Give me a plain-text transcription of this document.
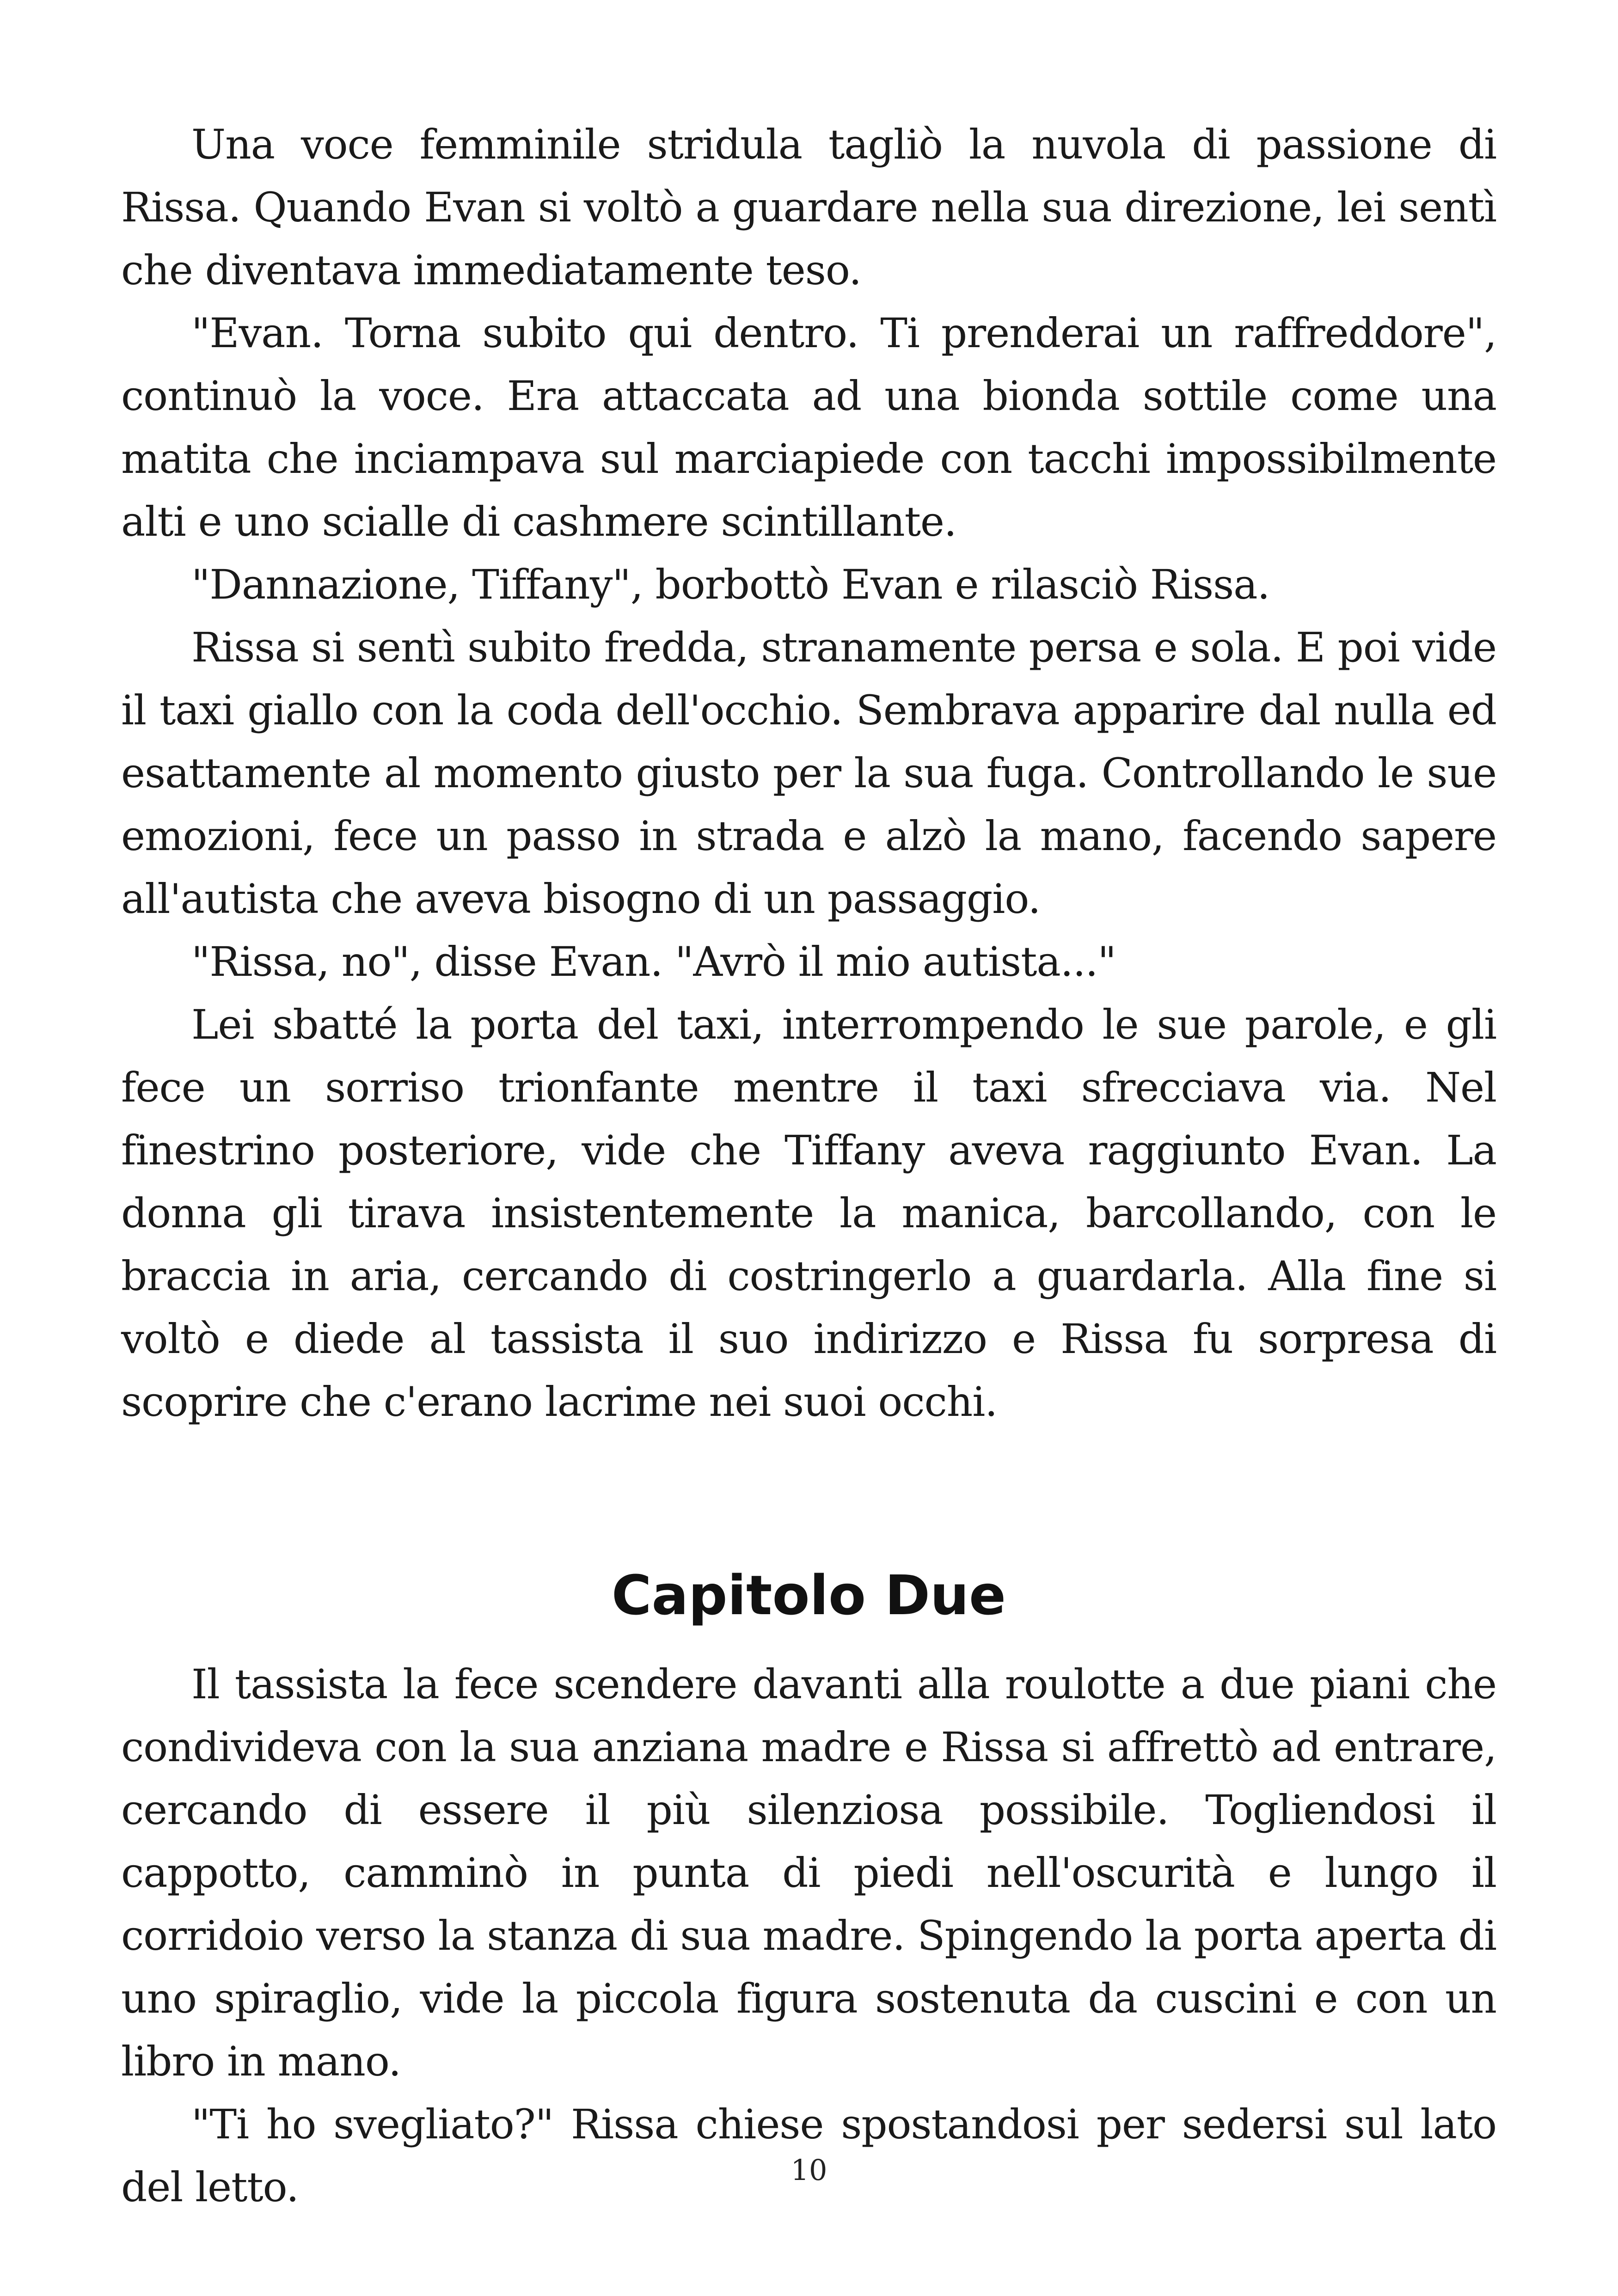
Una voce femminile stridula tagliò la nuvola di passione di Rissa. Quando Evan si voltò a guardare nella sua direzione, lei sentì che diventava immediatamente teso.

"Evan. Torna subito qui dentro. Ti prenderai un raffreddore", continuò la voce. Era attaccata ad una bionda sottile come una matita che inciampava sul marciapiede con tacchi impossibilmente alti e uno scialle di cashmere scintillante.

"Dannazione, Tiffany", borbottò Evan e rilasciò Rissa.

Rissa si sentì subito fredda, stranamente persa e sola. E poi vide il taxi giallo con la coda dell'occhio. Sembrava apparire dal nulla ed esattamente al momento giusto per la sua fuga. Controllando le sue emozioni, fece un passo in strada e alzò la mano, facendo sapere all'autista che aveva bisogno di un passaggio.

"Rissa, no", disse Evan. "Avrò il mio autista..."

Lei sbatté la porta del taxi, interrompendo le sue parole, e gli fece un sorriso trionfante mentre il taxi sfrecciava via. Nel finestrino posteriore, vide che Tiffany aveva raggiunto Evan. La donna gli tirava insistentemente la manica, barcollando, con le braccia in aria, cercando di costringerlo a guardarla. Alla fine si voltò e diede al tassista il suo indirizzo e Rissa fu sorpresa di scoprire che c'erano lacrime nei suoi occhi.

Capitolo Due

Il tassista la fece scendere davanti alla roulotte a due piani che condivideva con la sua anziana madre e Rissa si affrettò ad entrare, cercando di essere il più silenziosa possibile. Togliendosi il cappotto, camminò in punta di piedi nell'oscurità e lungo il corridoio verso la stanza di sua madre. Spingendo la porta aperta di uno spiraglio, vide la piccola figura sostenuta da cuscini e con un libro in mano.

"Ti ho svegliato?" Rissa chiese spostandosi per sedersi sul lato del letto.	10
